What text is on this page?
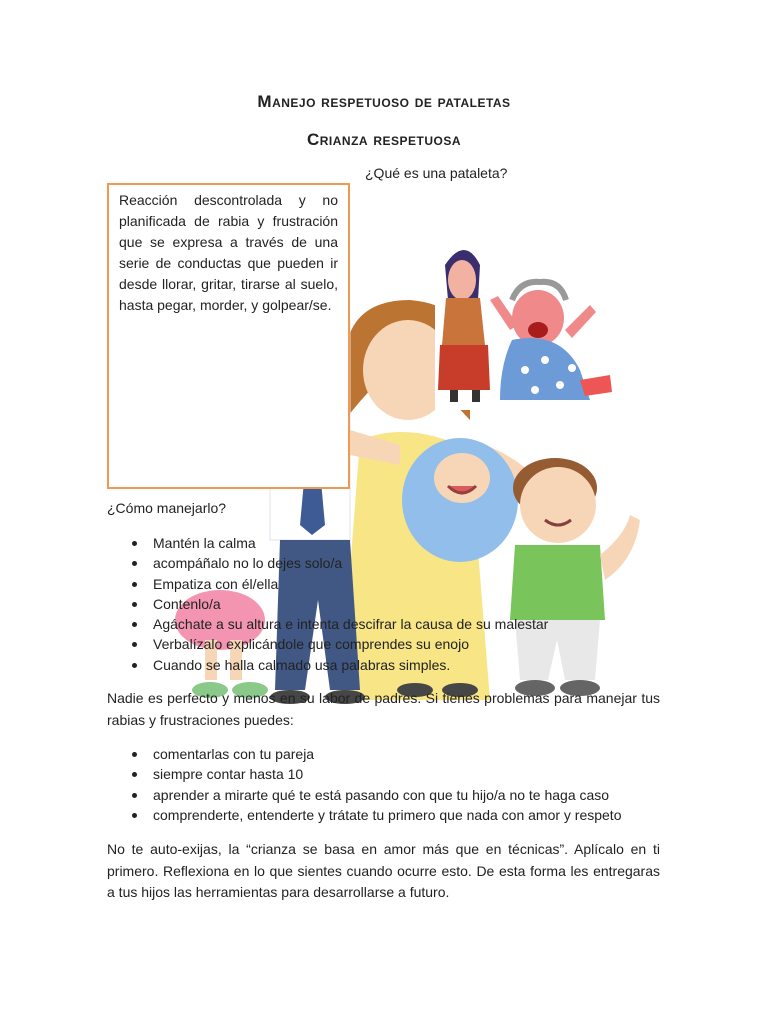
Manejo respetuoso de pataletas
Crianza respetuosa
¿Qué es una pataleta?
Reacción descontrolada y no planificada de rabia y frustración que se expresa a través de una serie de conductas que pueden ir desde llorar, gritar, tirarse al suelo, hasta pegar, morder, y golpear/se.
¿Cómo manejarlo?
Mantén la calma
acompáñalo no lo dejes solo/a
Empatiza con él/ella
Contenlo/a
Agáchate a su altura e intenta descifrar la causa de su malestar
Verbalízalo explicándole que comprendes su enojo
Cuando se halla calmado usa palabras simples.

Nadie es perfecto y menos en su labor de padres. Si tienes problemas para manejar tus rabias y frustraciones puedes:

comentarlas con tu pareja
siempre contar hasta 10
aprender a mirarte qué te está pasando con que tu hijo/a no te haga caso
comprenderte, entenderte y trátate tu primero que nada con amor y respeto

No te auto-exijas, la “crianza se basa en amor más que en técnicas”. Aplícalo en ti primero. Reflexiona en lo que sientes cuando ocurre esto. De esta forma les entregaras a tus hijos las herramientas para desarrollarse a futuro.
